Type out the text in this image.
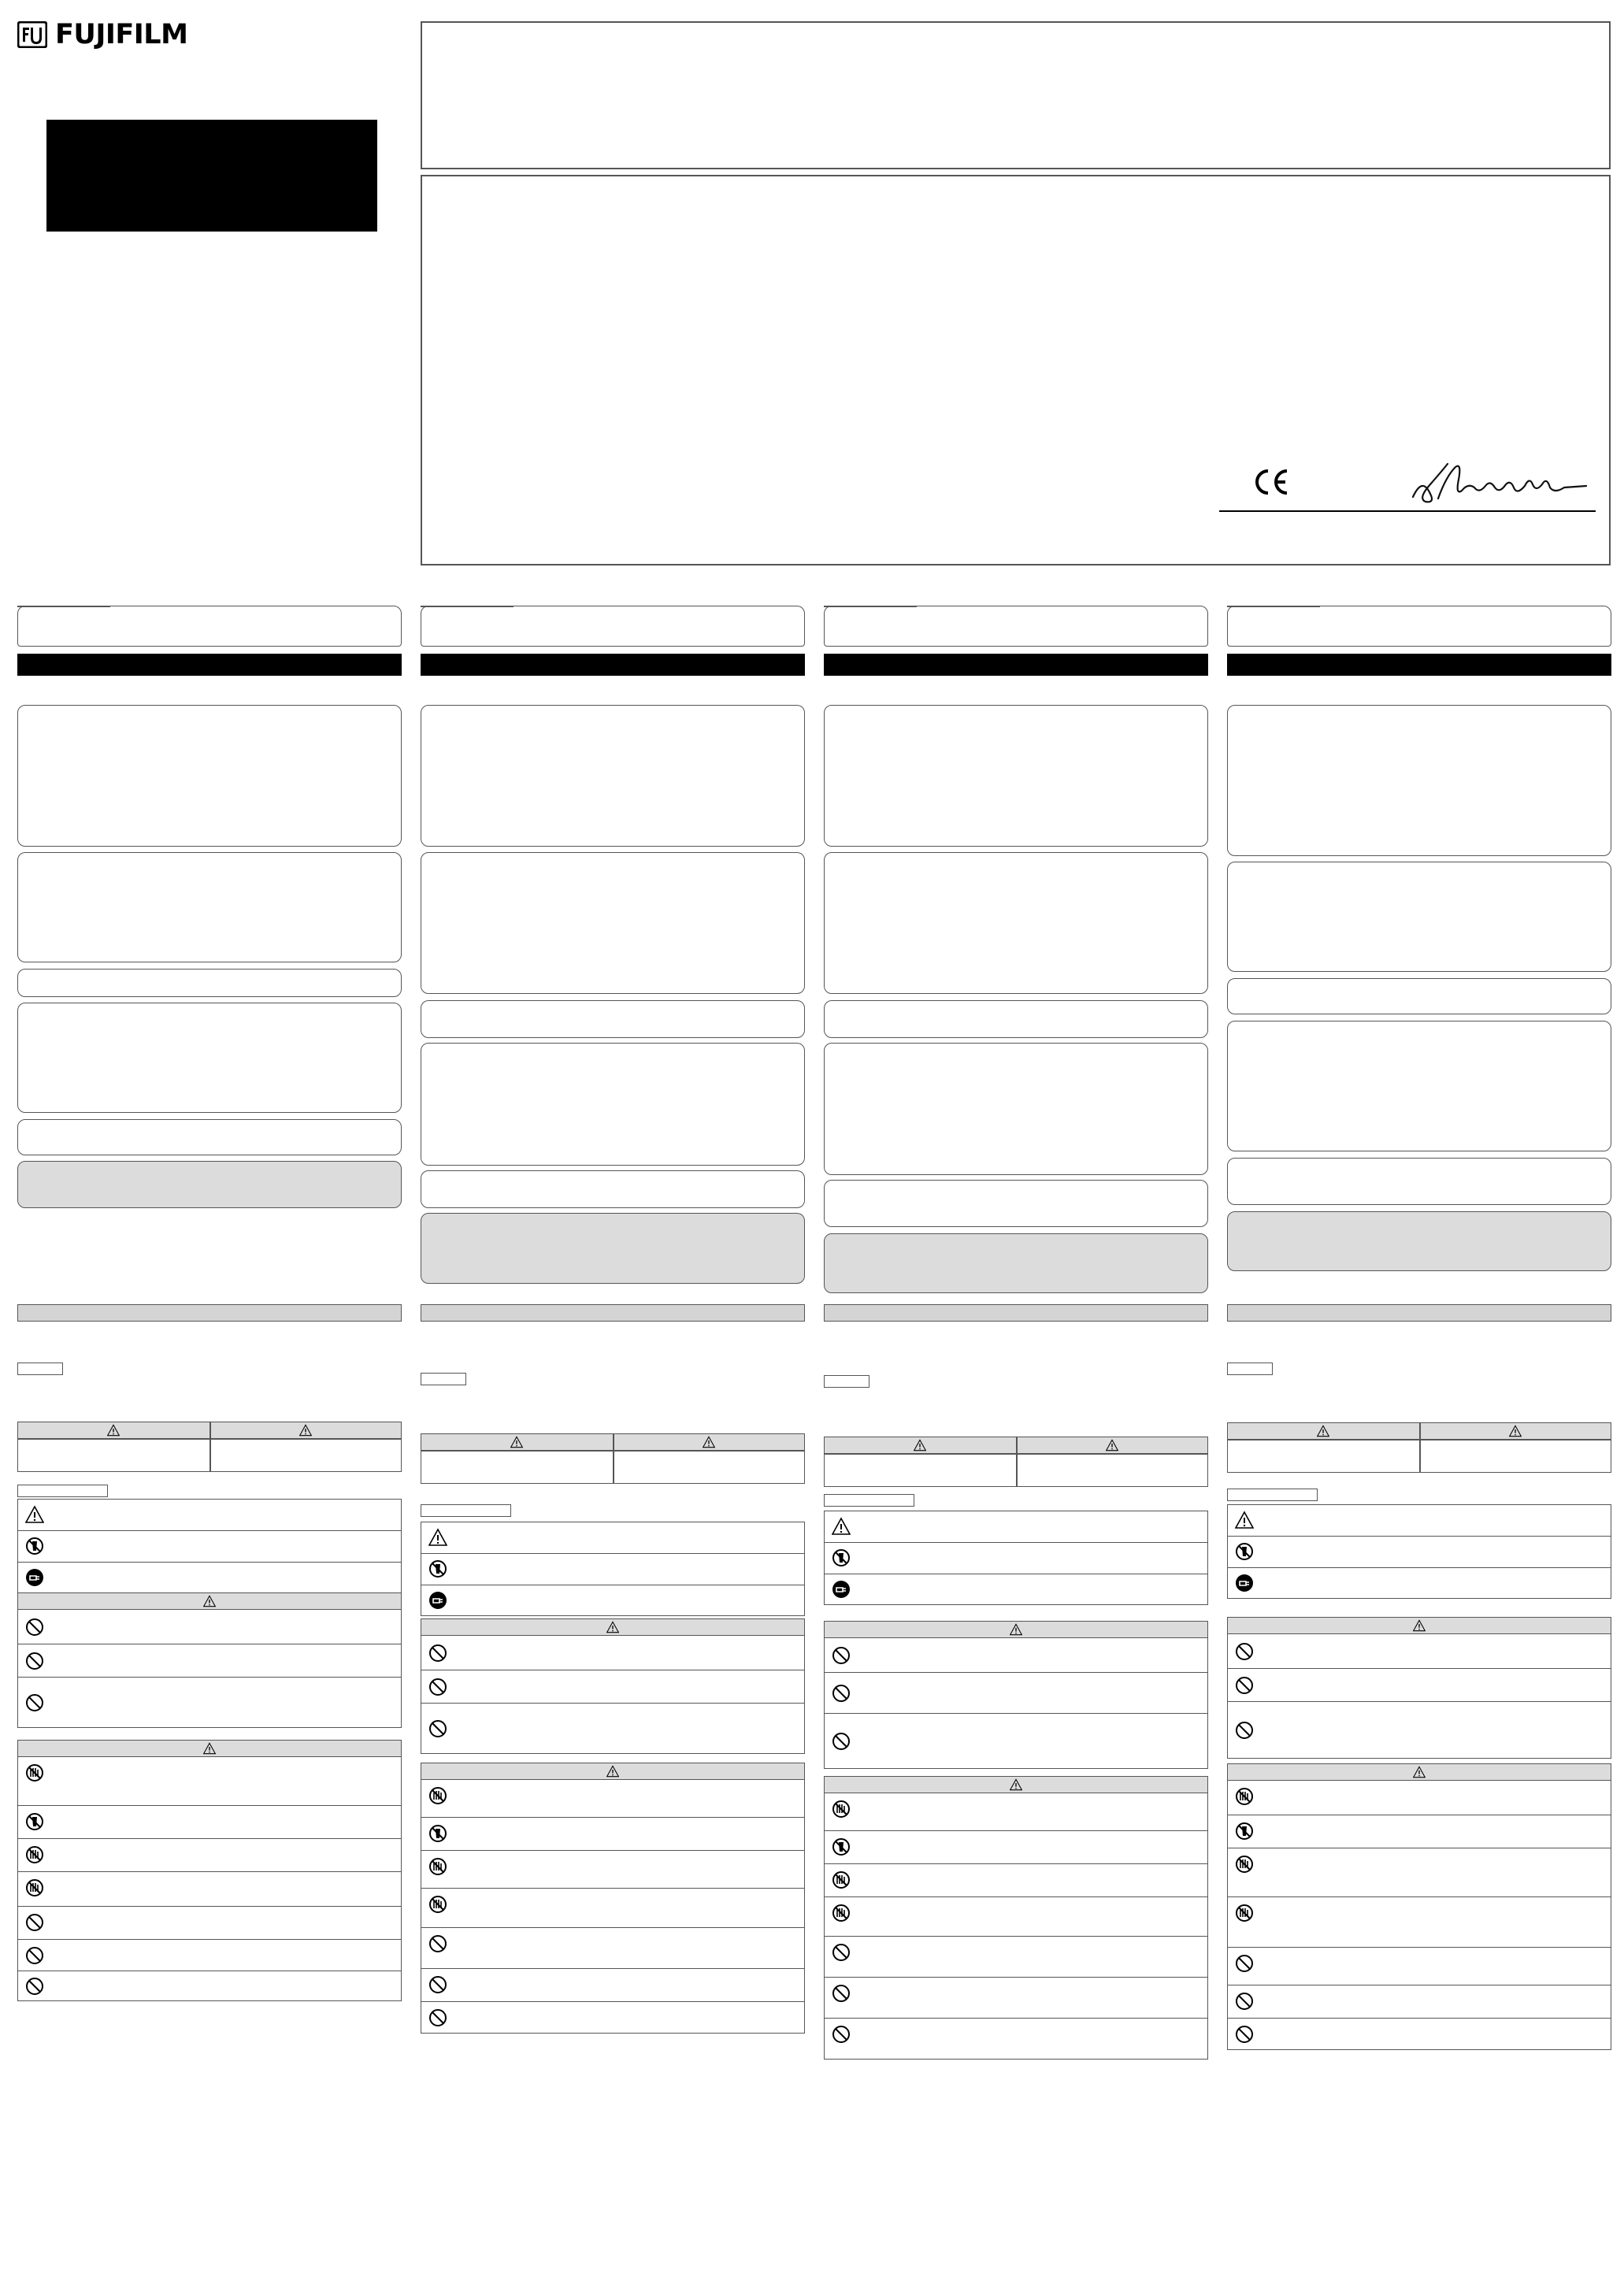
FUJIFILM
